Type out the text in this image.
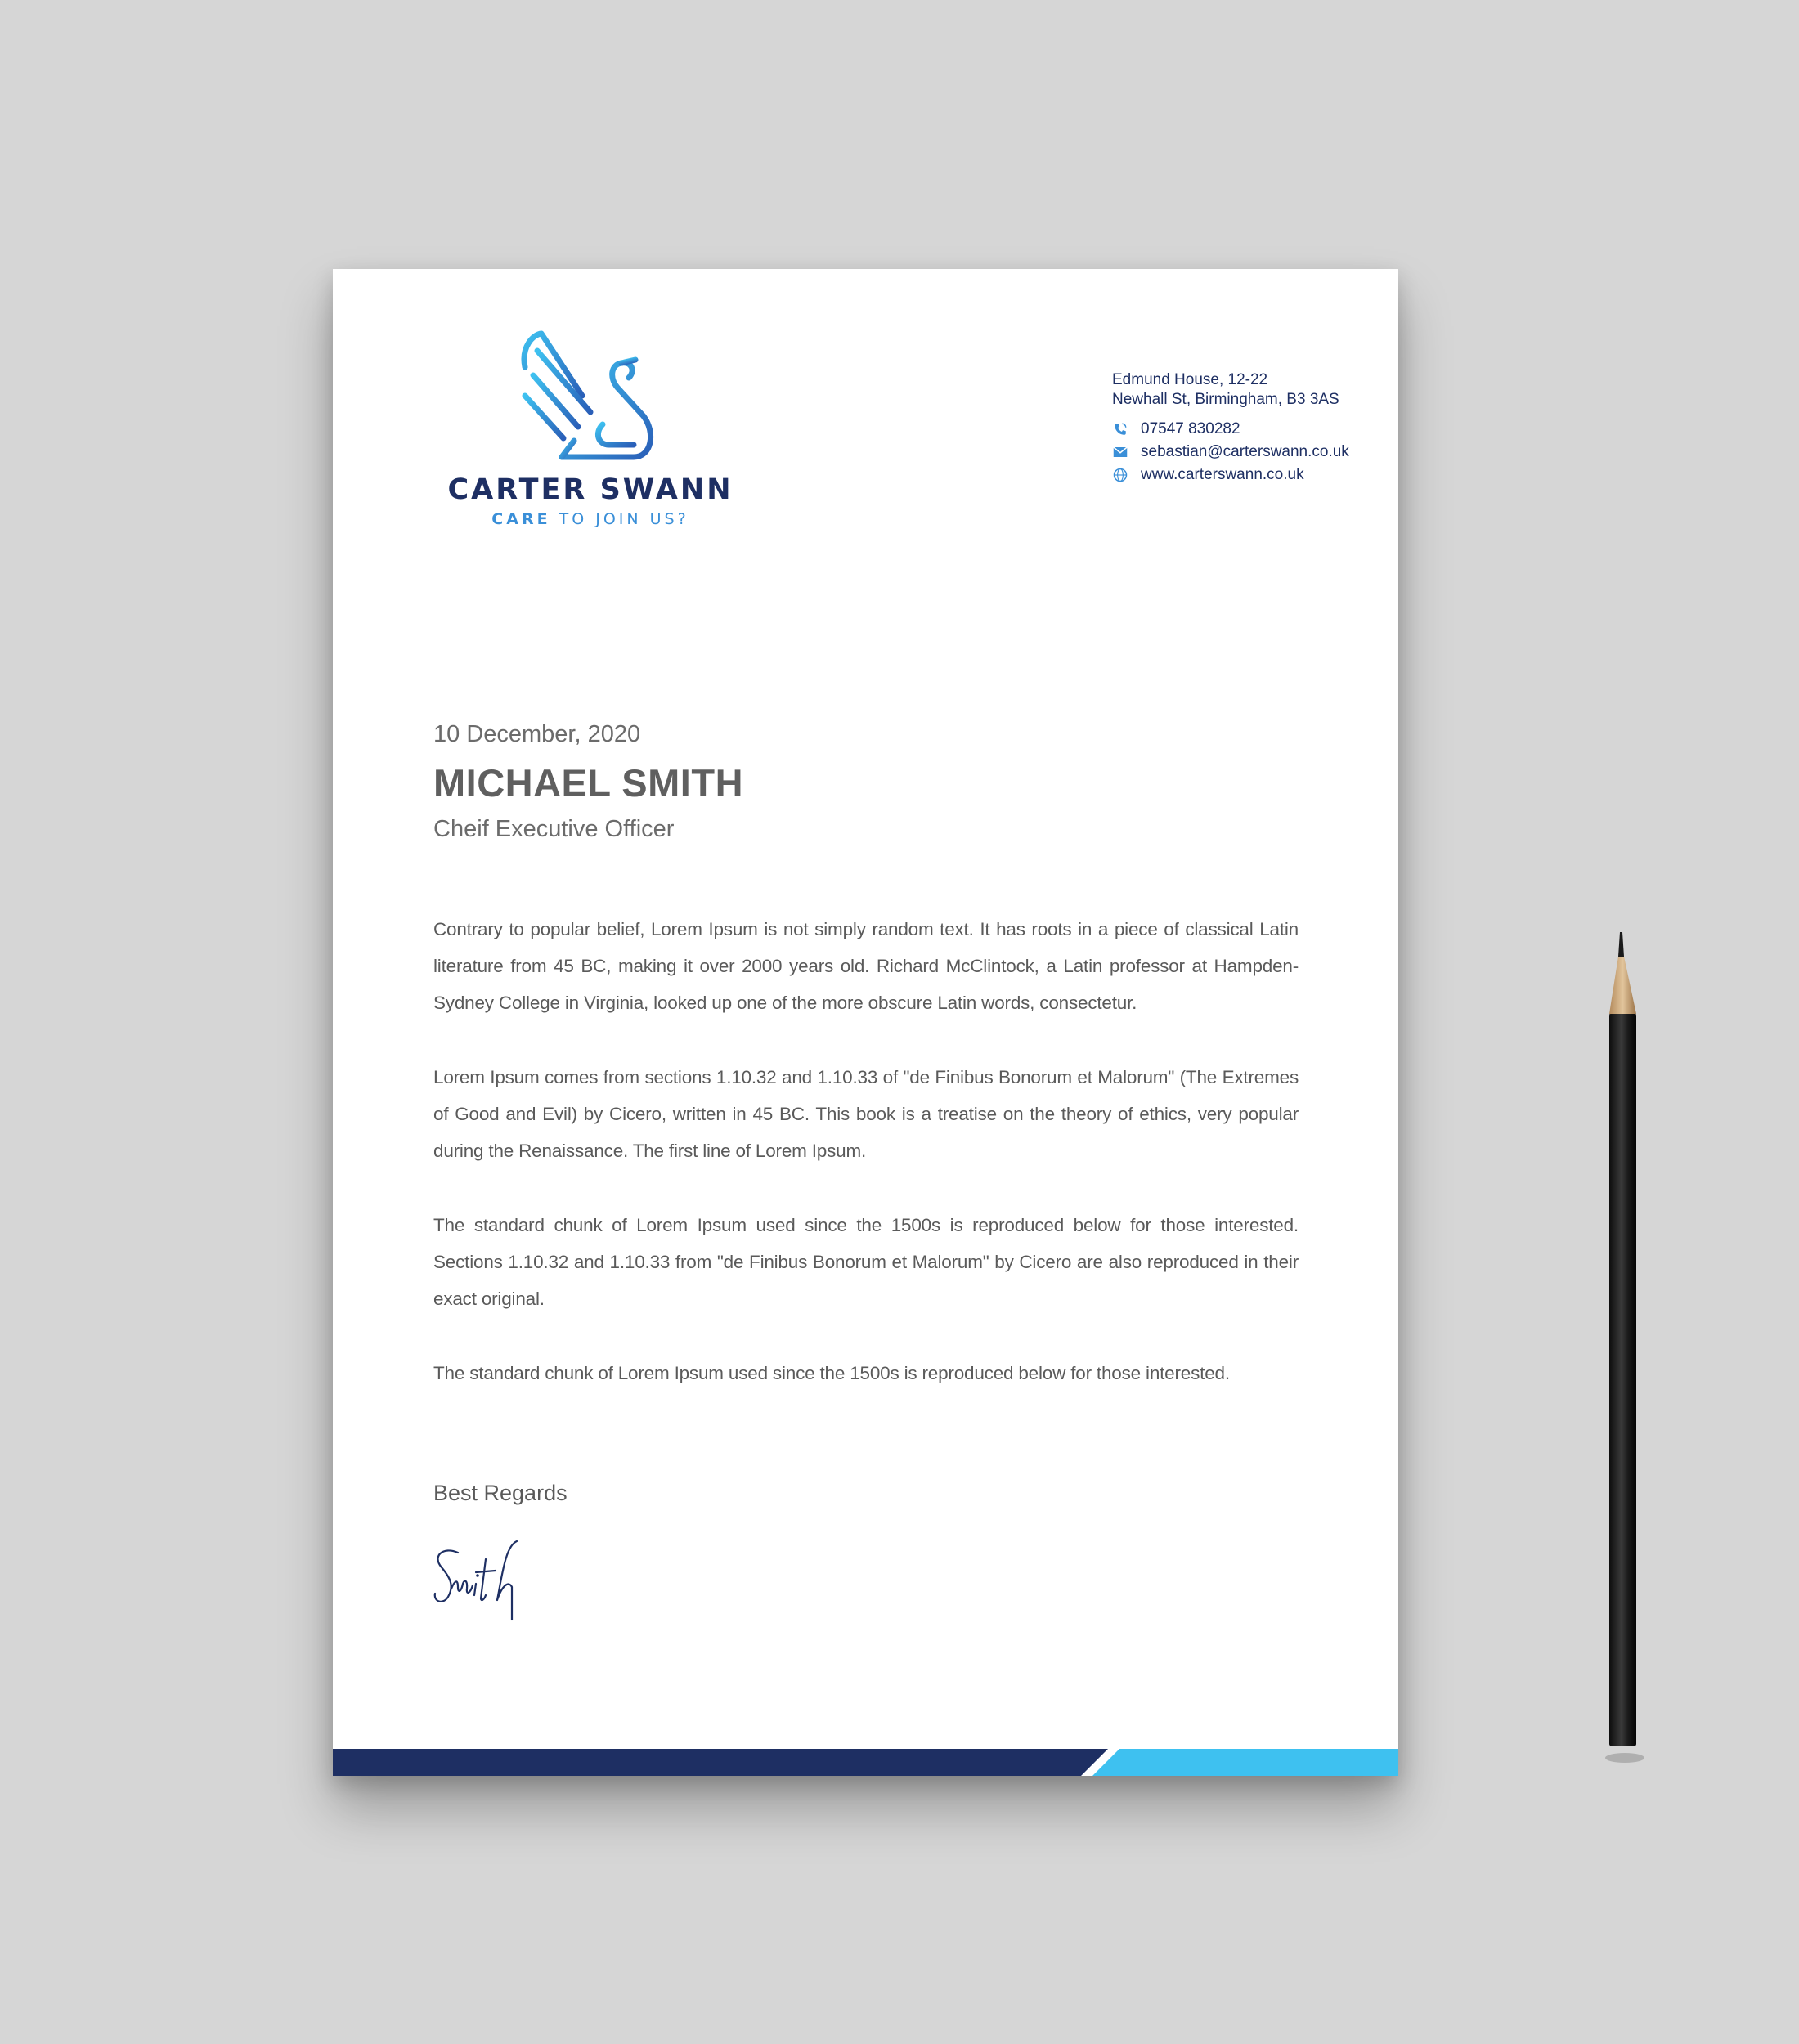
CARTER SWANN
CARE TO JOIN US?
Edmund House, 12-22
Newhall St, Birmingham, B3 3AS
07547 830282
sebastian@carterswann.co.uk
www.carterswann.co.uk
10 December, 2020
MICHAEL SMITH
Cheif Executive Officer

Contrary to popular belief, Lorem Ipsum is not simply random text. It has roots in a piece of classical Latin literature from 45 BC, making it over 2000 years old. Richard McClintock, a Latin professor at Hampden-Sydney College in Virginia, looked up one of the more obscure Latin words, consectetur.

Lorem Ipsum comes from sections 1.10.32 and 1.10.33 of "de Finibus Bonorum et Malorum" (The Extremes of Good and Evil) by Cicero, written in 45 BC. This book is a treatise on the theory of ethics, very popular during the Renaissance. The first line of Lorem Ipsum.

The standard chunk of Lorem Ipsum used since the 1500s is reproduced below for those interested. Sections 1.10.32 and 1.10.33 from "de Finibus Bonorum et Malorum" by Cicero are also reproduced in their exact original.

The standard chunk of Lorem Ipsum used since the 1500s is reproduced below for those interested.

Best Regards
